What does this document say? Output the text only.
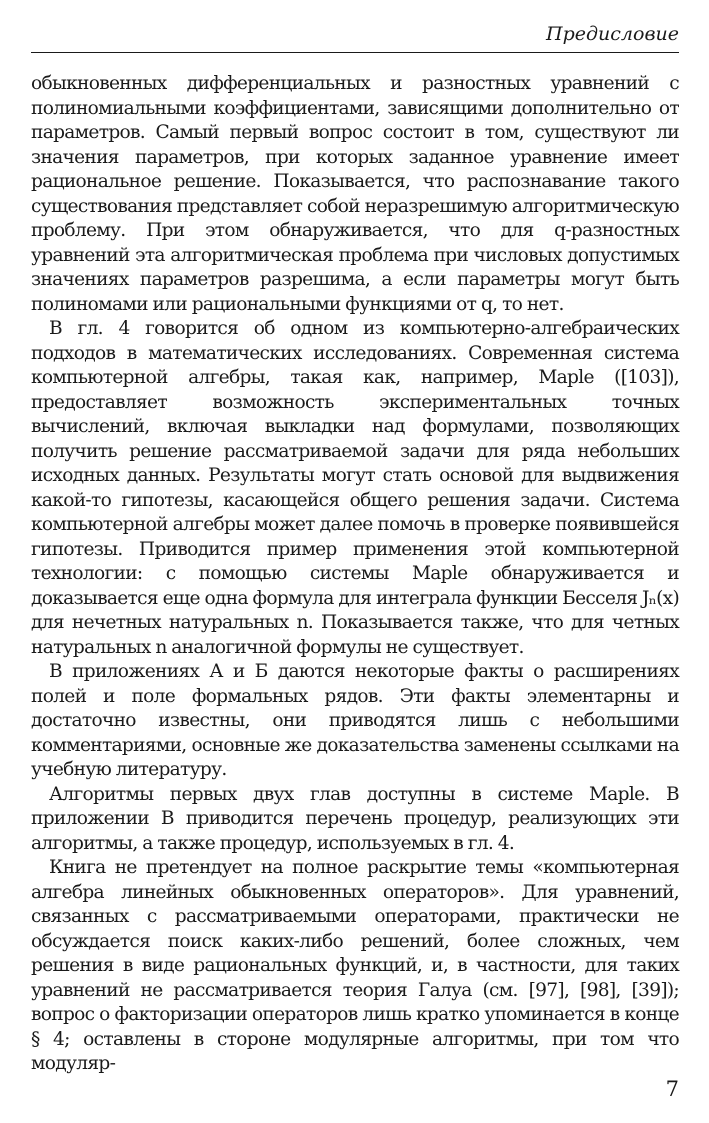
Предисловие

обыкновенных дифференциальных и разностных уравнений с полиномиальными коэффициентами, зависящими дополнительно от параметров. Самый первый вопрос состоит в том, существуют ли значения параметров, при которых заданное уравнение имеет рациональное решение. Показывается, что распознавание такого существования представляет собой неразрешимую алгоритмическую проблему. При этом обнаруживается, что для q-разностных уравнений эта алгоритмическая проблема при числовых допустимых значениях параметров разрешима, а если параметры могут быть полиномами или рациональными функциями от q, то нет.

В гл. 4 говорится об одном из компьютерно-алгебраических подходов в математических исследованиях. Современная система компьютерной алгебры, такая как, например, Maple ([103]), предоставляет возможность экспериментальных точных вычислений, включая выкладки над формулами, позволяющих получить решение рассматриваемой задачи для ряда небольших исходных данных. Результаты могут стать основой для выдвижения какой-то гипотезы, касающейся общего решения задачи. Система компьютерной алгебры может далее помочь в проверке появившейся гипотезы. Приводится пример применения этой компьютерной технологии: с помощью системы Maple обнаруживается и доказывается еще одна формула для интеграла функции Бесселя Jₙ(x) для нечетных натуральных n. Показывается также, что для четных натуральных n аналогичной формулы не существует.

В приложениях А и Б даются некоторые факты о расширениях полей и поле формальных рядов. Эти факты элементарны и достаточно известны, они приводятся лишь с небольшими комментариями, основные же доказательства заменены ссылками на учебную литературу.

Алгоритмы первых двух глав доступны в системе Maple. В приложении В приводится перечень процедур, реализующих эти алгоритмы, а также процедур, используемых в гл. 4.

Книга не претендует на полное раскрытие темы «компьютерная алгебра линейных обыкновенных операторов». Для уравнений, связанных с рассматриваемыми операторами, практически не обсуждается поиск каких-либо решений, более сложных, чем решения в виде рациональных функций, и, в частности, для таких уравнений не рассматривается теория Галуа (см. [97], [98], [39]); вопрос о факторизации операторов лишь кратко упоминается в конце § 4; оставлены в стороне модулярные алгоритмы, при том что модуляр-

7
